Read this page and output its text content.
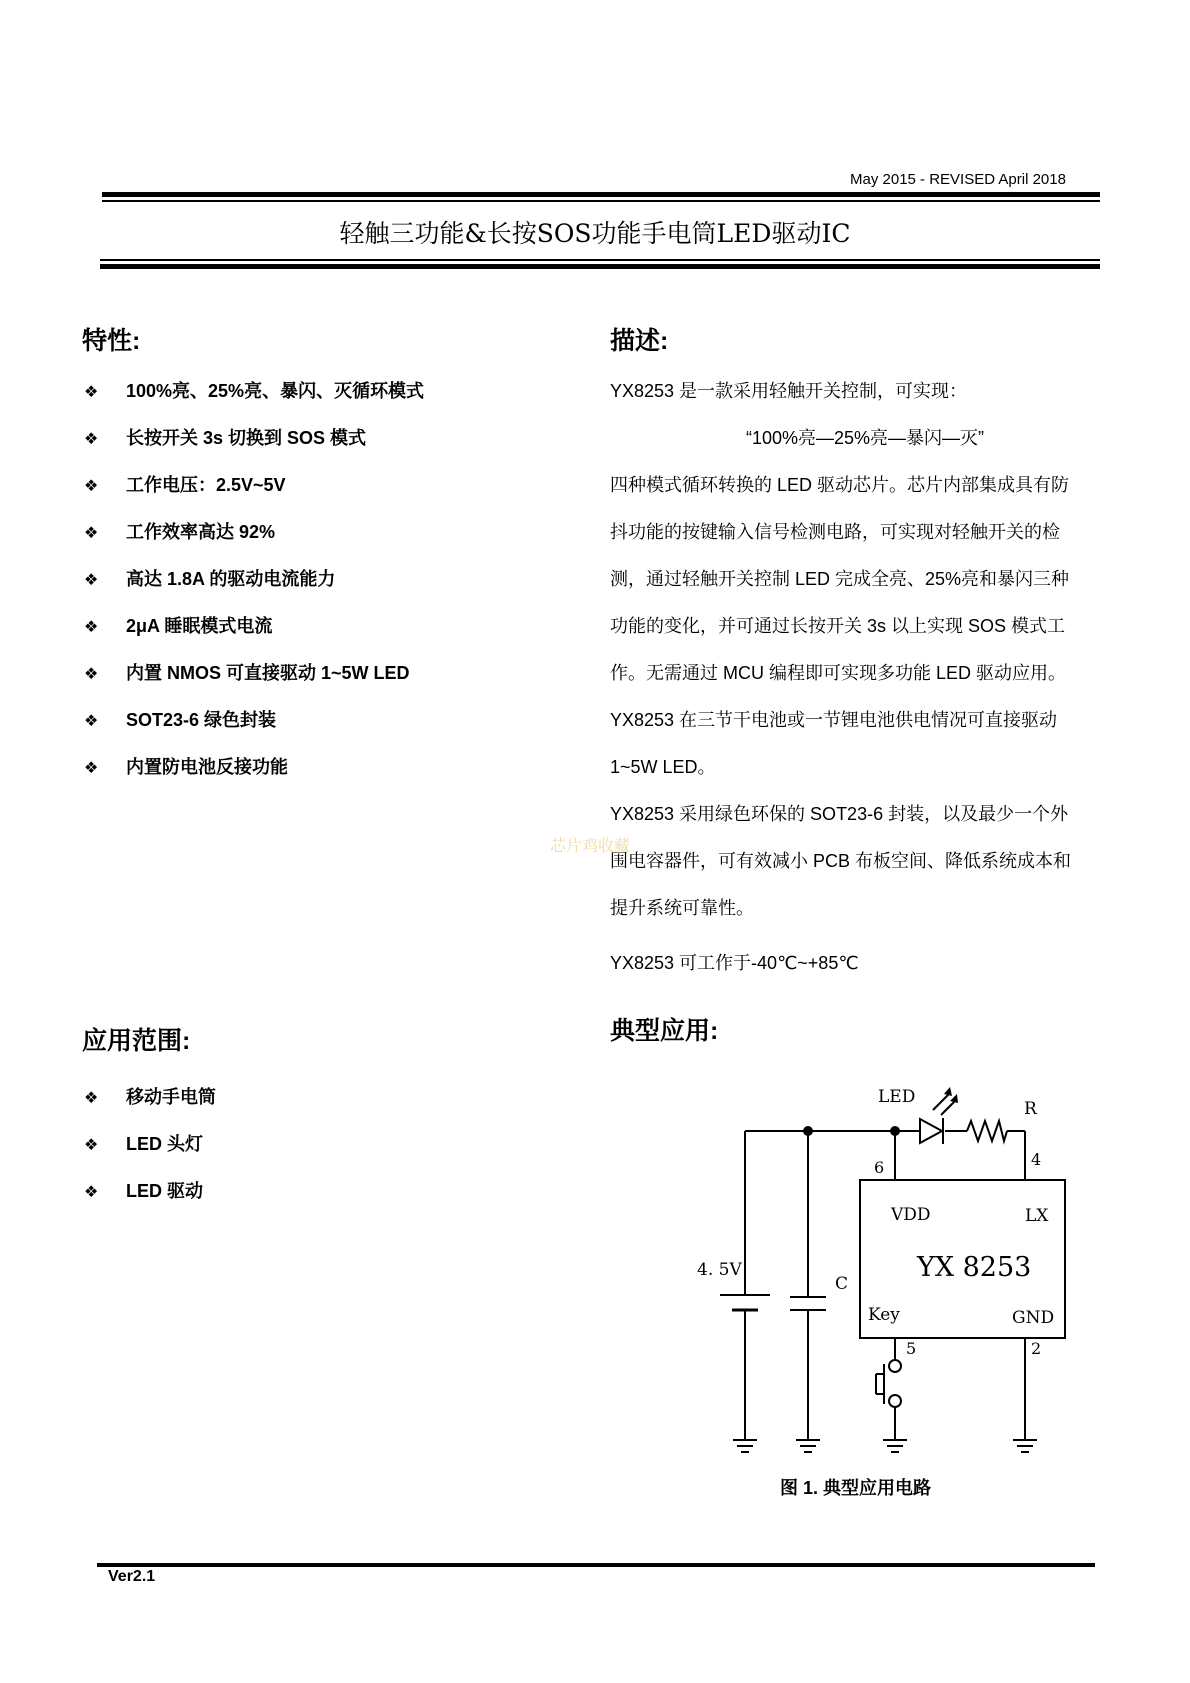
May 2015 - REVISED April 2018
轻触三功能&长按SOS功能手电筒LED驱动IC
特性:
❖ 100%亮、25%亮、暴闪、灭循环模式
❖ 长按开关 3s 切换到 SOS 模式
❖ 工作电压：2.5V~5V
❖ 工作效率高达 92%
❖ 高达 1.8A 的驱动电流能力
❖ 2μA 睡眠模式电流
❖ 内置 NMOS 可直接驱动 1~5W LED
❖ SOT23-6 绿色封装
❖ 内置防电池反接功能
描述:

YX8253 是一款采用轻触开关控制，可实现：

“100%亮—25%亮—暴闪—灭”

四种模式循环转换的 LED 驱动芯片。芯片内部集成具有防

抖功能的按键输入信号检测电路，可实现对轻触开关的检

测，通过轻触开关控制 LED 完成全亮、25%亮和暴闪三种

功能的变化，并可通过长按开关 3s 以上实现 SOS 模式工

作。无需通过 MCU 编程即可实现多功能 LED 驱动应用。

YX8253 在三节干电池或一节锂电池供电情况可直接驱动

1~5W LED。

YX8253 采用绿色环保的 SOT23-6 封装，以及最少一个外

围电容器件，可有效减小 PCB 布板空间、降低系统成本和

提升系统可靠性。

YX8253 可工作于-40℃~+85℃

芯片鸡收藏
应用范围:
❖ 移动手电筒
❖ LED 头灯
❖ LED 驱动
典型应用:
LED
R
C
4. 5V
6	4
5	2
VDD	LX
Key	GND
YX 8253
图 1. 典型应用电路
Ver2.1
